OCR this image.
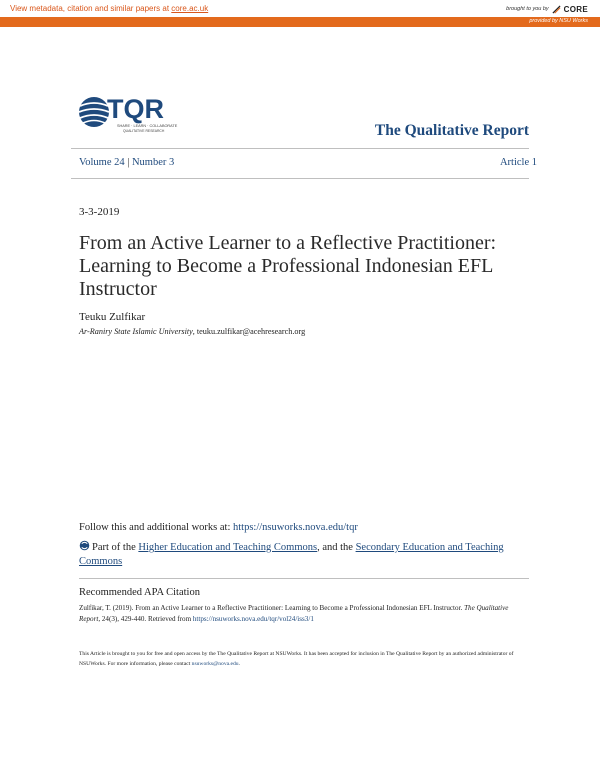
View metadata, citation and similar papers at core.ac.uk	brought to you by CORE
provided by NSU Works
TQR
SHARE · LEARN · COLLABORATE
QUALITATIVE RESEARCH	The Qualitative Report
Volume 24 | Number 3	Article 1
3-3-2019
From an Active Learner to a Reflective Practitioner: Learning to Become a Professional Indonesian EFL Instructor
Teuku Zulfikar
Ar-Raniry State Islamic University, teuku.zulfikar@acehresearch.org
Follow this and additional works at: https://nsuworks.nova.edu/tqr
Part of the Higher Education and Teaching Commons, and the Secondary Education and Teaching Commons
Recommended APA Citation
Zulfikar, T. (2019). From an Active Learner to a Reflective Practitioner: Learning to Become a Professional Indonesian EFL Instructor. The Qualitative Report, 24(3), 429-440. Retrieved from https://nsuworks.nova.edu/tqr/vol24/iss3/1
This Article is brought to you for free and open access by the The Qualitative Report at NSUWorks. It has been accepted for inclusion in The Qualitative Report by an authorized administrator of NSUWorks. For more information, please contact nsuworks@nova.edu.
